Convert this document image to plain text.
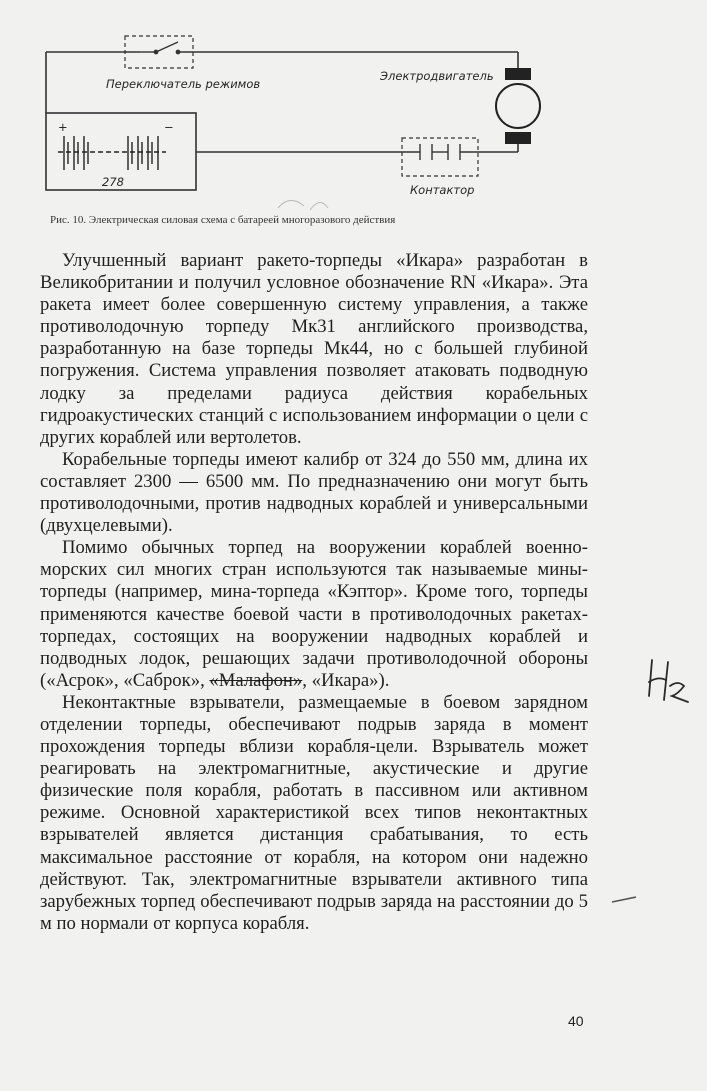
Переключатель режимов
+	−
278
Электродвигатель
Контактор
Рис. 10. Электрическая силовая схема с батареей многоразового действия

Улучшенный вариант ракето-торпеды «Икара» разработан в Великобритании и получил условное обозначение RN «Икара». Эта ракета имеет более совершенную систему управления, а также противолодочную торпеду Мк31 английского производства, разработанную на базе торпеды Мк44, но с большей глубиной погружения. Система управления позволяет атаковать подводную лодку за пределами радиуса действия корабельных гидроакустических станций с использованием информации о цели с других кораблей или вертолетов.

Корабельные торпеды имеют калибр от 324 до 550 мм, длина их составляет 2300 — 6500 мм. По предназначению они могут быть противолодочными, против надводных кораблей и универсальными (двухцелевыми).

Помимо обычных торпед на вооружении кораблей военно-морских сил многих стран используются так называемые мины-торпеды (например, мина-торпеда «Кэптор». Кроме того, торпеды применяются качестве боевой части в противолодочных ракетах-торпедах, состоящих на вооружении надводных кораблей и подводных лодок, решающих задачи противолодочной обороны («Асрок», «Саброк», «Малафон», «Икара»).

Неконтактные взрыватели, размещаемые в боевом зарядном отделении торпеды, обеспечивают подрыв заряда в момент прохождения торпеды вблизи корабля-цели. Взрыватель может реагировать на электромагнитные, акустические и другие физические поля корабля, работать в пассивном или активном режиме. Основной характеристикой всех типов неконтактных взрывателей является дистанция срабатывания, то есть максимальное расстояние от корабля, на котором они надежно действуют. Так, электромагнитные взрыватели активного типа зарубежных торпед обеспечивают подрыв заряда на расстоянии до 5 м по нормали от корпуса корабля.

40
